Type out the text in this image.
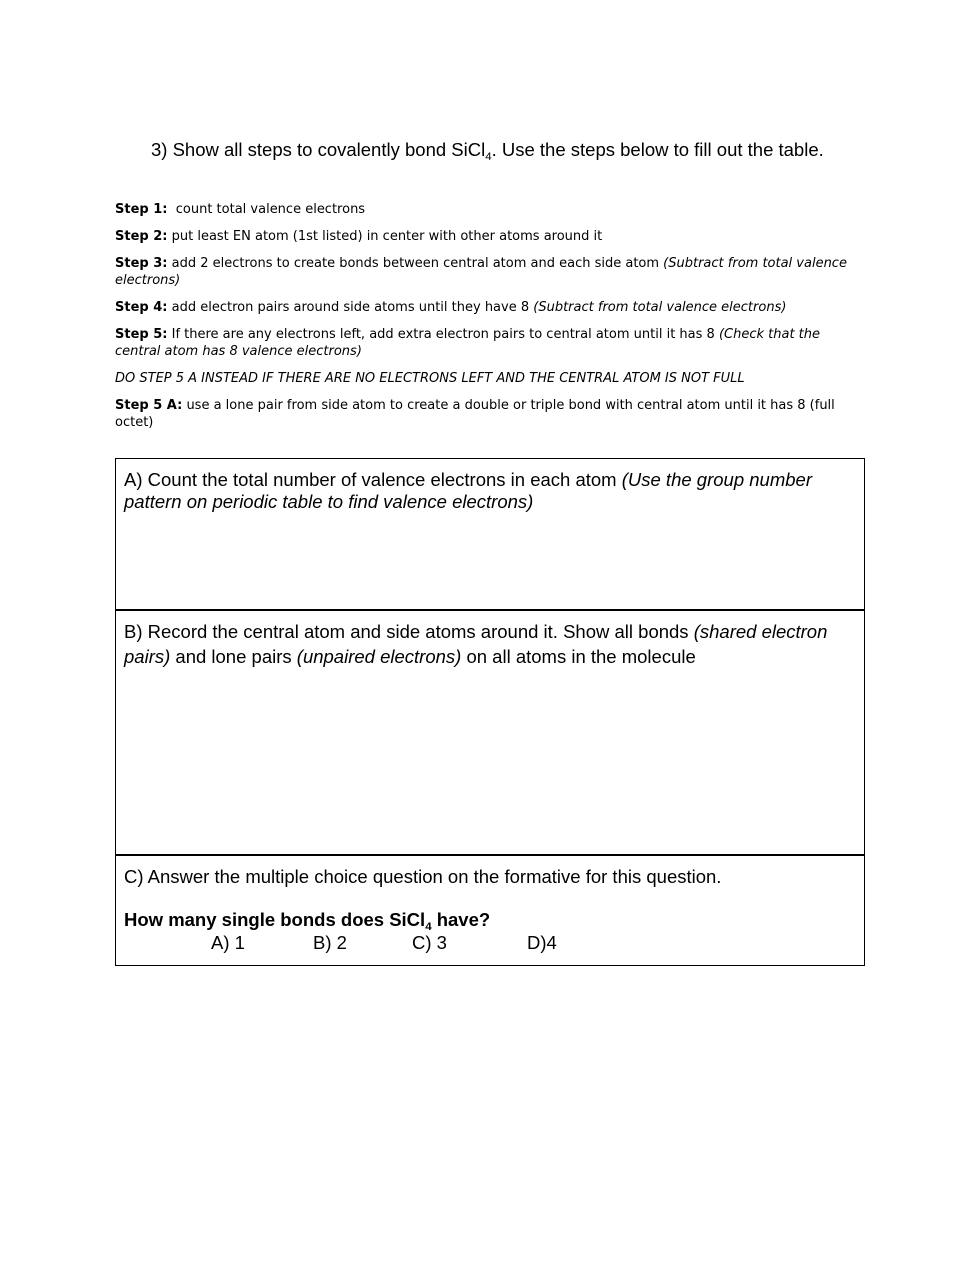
3) Show all steps to covalently bond SiCl$_4$. Use the steps below to fill out the table.
Step 1:  count total valence electrons
Step 2: put least EN atom (1st listed) in center with other atoms around it
Step 3: add 2 electrons to create bonds between central atom and each side atom (Subtract from total valence electrons)
Step 4: add electron pairs around side atoms until they have 8 (Subtract from total valence electrons)
Step 5: If there are any electrons left, add extra electron pairs to central atom until it has 8 (Check that the central atom has 8 valence electrons)
DO STEP 5 A INSTEAD IF THERE ARE NO ELECTRONS LEFT AND THE CENTRAL ATOM IS NOT FULL
Step 5 A: use a lone pair from side atom to create a double or triple bond with central atom until it has 8 (full octet)
A) Count the total number of valence electrons in each atom (Use the group number pattern on periodic table to find valence electrons)
B) Record the central atom and side atoms around it. Show all bonds (shared electron pairs) and lone pairs (unpaired electrons) on all atoms in the molecule
C) Answer the multiple choice question on the formative for this question.
How many single bonds does SiCl$_4$ have?
A) 1	B) 2	C) 3	D)4
